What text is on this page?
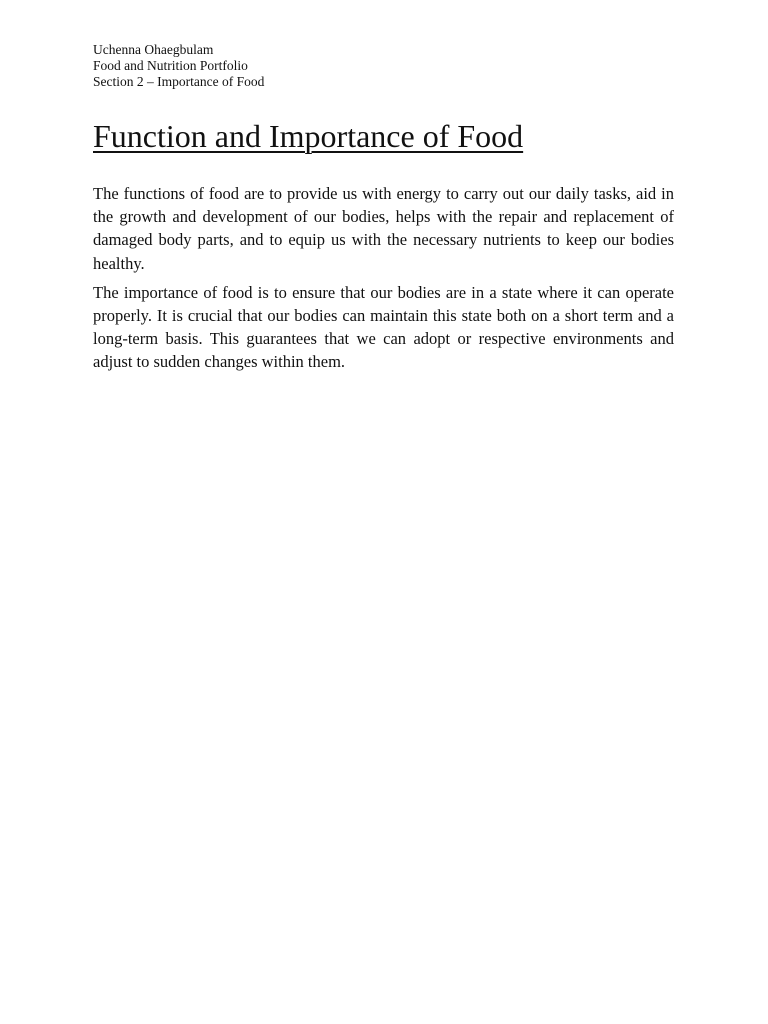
Uchenna Ohaegbulam
Food and Nutrition Portfolio
Section 2 – Importance of Food
Function and Importance of Food

The functions of food are to provide us with energy to carry out our daily tasks, aid in the growth and development of our bodies, helps with the repair and replacement of damaged body parts, and to equip us with the necessary nutrients to keep our bodies healthy.

The importance of food is to ensure that our bodies are in a state where it can operate properly. It is crucial that our bodies can maintain this state both on a short term and a long-term basis. This guarantees that we can adopt or respective environments and adjust to sudden changes within them.
